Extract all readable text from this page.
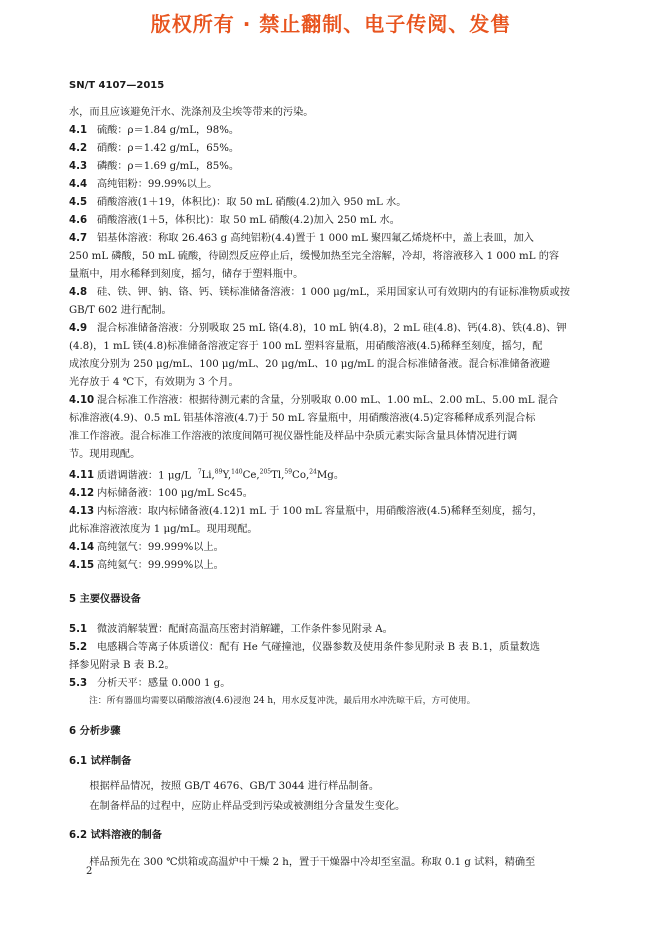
版权所有 · 禁止翻制、电子传阅、发售
SN/T 4107—2015
水，而且应该避免汗水、洗涤剂及尘埃等带来的污染。
4.1 硫酸：ρ＝1.84 g/mL，98%。
4.2 硝酸：ρ＝1.42 g/mL，65%。
4.3 磷酸：ρ＝1.69 g/mL，85%。
4.4 高纯铝粉：99.99%以上。
4.5 硝酸溶液(1＋19，体积比)：取 50 mL 硝酸(4.2)加入 950 mL 水。
4.6 硝酸溶液(1＋5，体积比)：取 50 mL 硝酸(4.2)加入 250 mL 水。
4.7 铝基体溶液：称取 26.463 g 高纯铝粉(4.4)置于 1 000 mL 聚四氟乙烯烧杯中，盖上表皿，加入
250 mL 磷酸，50 mL 硫酸，待剧烈反应停止后，缓慢加热至完全溶解，冷却，将溶液移入 1 000 mL 的容
量瓶中，用水稀释到刻度，摇匀，储存于塑料瓶中。
4.8 硅、铁、钾、钠、铬、钙、镁标准储备溶液：1 000 μg/mL，采用国家认可有效期内的有证标准物质或按
GB/T 602 进行配制。
4.9 混合标准储备溶液：分别吸取 25 mL 铬(4.8)，10 mL 钠(4.8)，2 mL 硅(4.8)、钙(4.8)、铁(4.8)、钾
(4.8)，1 mL 镁(4.8)标准储备溶液定容于 100 mL 塑料容量瓶，用硝酸溶液(4.5)稀释至刻度，摇匀，配
成浓度分别为 250 μg/mL、100 μg/mL、20 μg/mL、10 μg/mL 的混合标准储备液。混合标准储备液避
光存放于 4 ℃下，有效期为 3 个月。
4.10 混合标准工作溶液：根据待测元素的含量，分别吸取 0.00 mL、1.00 mL、2.00 mL、5.00 mL 混合
标准溶液(4.9)、0.5 mL 铝基体溶液(4.7)于 50 mL 容量瓶中，用硝酸溶液(4.5)定容稀释成系列混合标
准工作溶液。混合标准工作溶液的浓度间隔可视仪器性能及样品中杂质元素实际含量具体情况进行调
节。现用现配。
4.11 质谱调谐液：1 μg/L $^7$Li,$^{89}$Y,$^{140}$Ce,$^{205}$Tl,$^{59}$Co,$^{24}$Mg。
4.12 内标储备液：100 μg/mL Sc45。
4.13 内标溶液：取内标储备液(4.12)1 mL 于 100 mL 容量瓶中，用硝酸溶液(4.5)稀释至刻度，摇匀，
此标准溶液浓度为 1 μg/mL。现用现配。
4.14 高纯氩气：99.999%以上。
4.15 高纯氦气：99.999%以上。
5 主要仪器设备
5.1 微波消解装置：配耐高温高压密封消解罐，工作条件参见附录 A。
5.2 电感耦合等离子体质谱仪：配有 He 气碰撞池，仪器参数及使用条件参见附录 B 表 B.1，质量数选
择参见附录 B 表 B.2。
5.3 分析天平：感量 0.000 1 g。
注：所有器皿均需要以硝酸溶液(4.6)浸泡 24 h，用水反复冲洗，最后用水冲洗晾干后，方可使用。
6 分析步骤
6.1 试样制备
根据样品情况，按照 GB/T 4676、GB/T 3044 进行样品制备。
在制备样品的过程中，应防止样品受到污染或被测组分含量发生变化。
6.2 试料溶液的制备
样品预先在 300 ℃烘箱或高温炉中干燥 2 h，置于干燥器中冷却至室温。称取 0.1 g 试料，精确至
2
